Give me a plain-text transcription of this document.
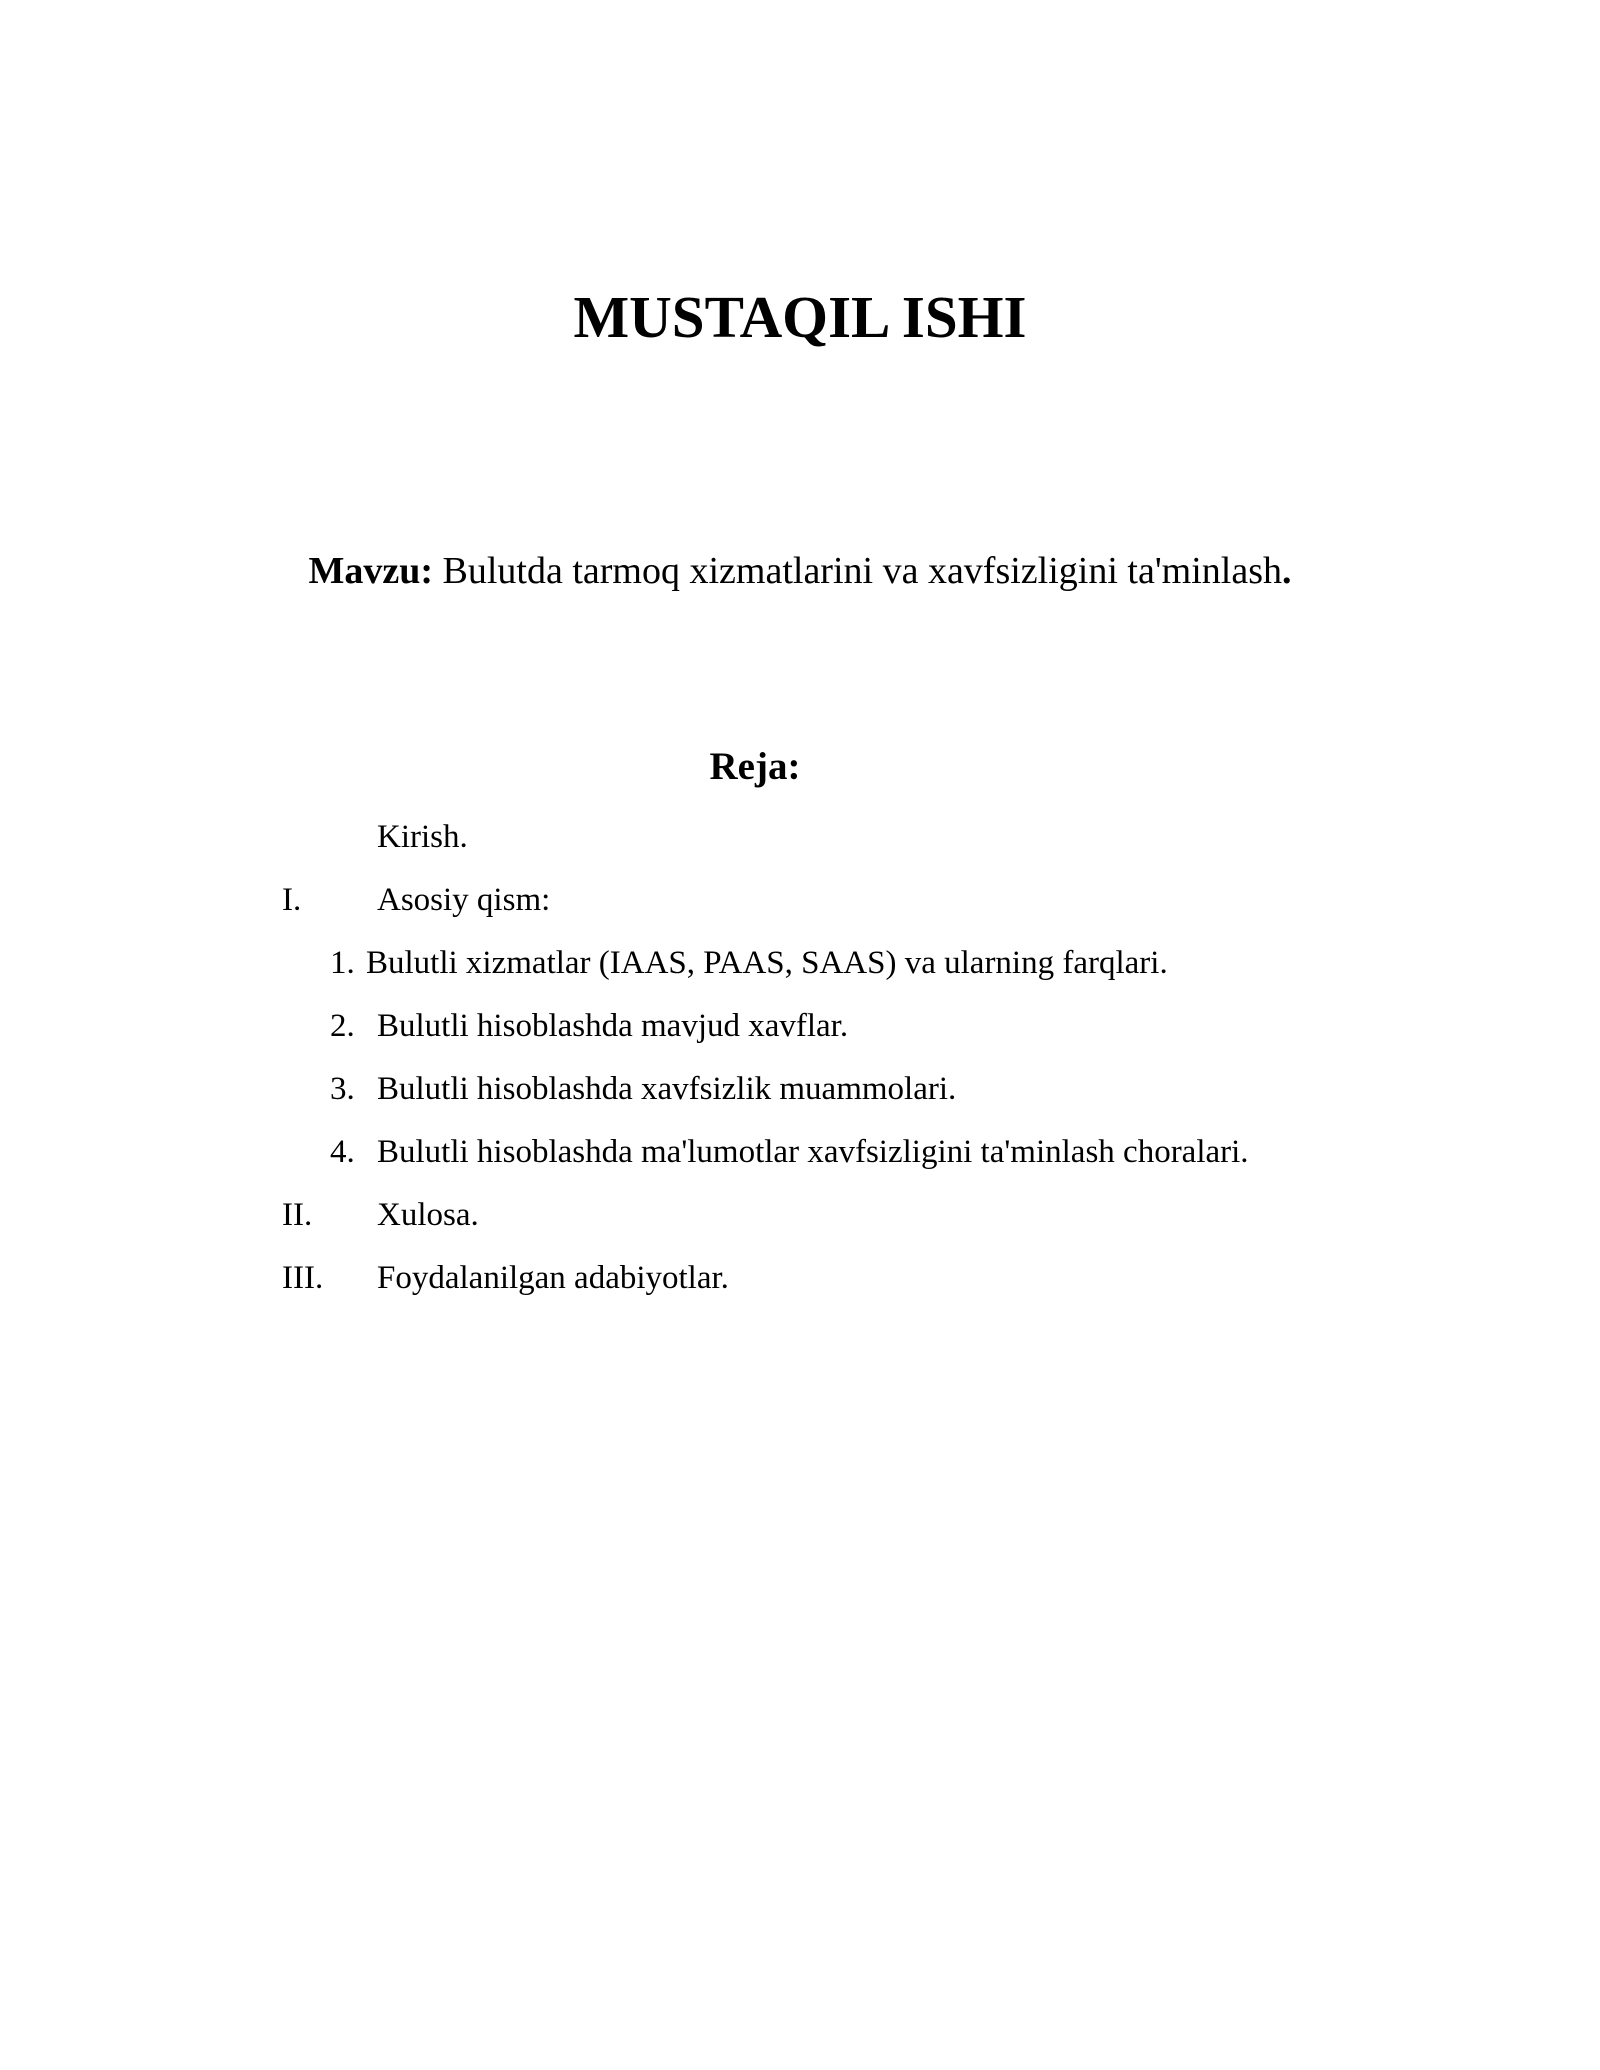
MUSTAQIL ISHI
Mavzu: Bulutda tarmoq xizmatlarini va xavfsizligini ta'minlash.
Reja:
Kirish.
I. Asosiy qism:
1. Bulutli xizmatlar (IAAS, PAAS, SAAS) va ularning farqlari.
2. Bulutli hisoblashda mavjud xavflar.
3. Bulutli hisoblashda xavfsizlik muammolari.
4. Bulutli hisoblashda ma'lumotlar xavfsizligini ta'minlash choralari.
II. Xulosa.
III. Foydalanilgan adabiyotlar.
